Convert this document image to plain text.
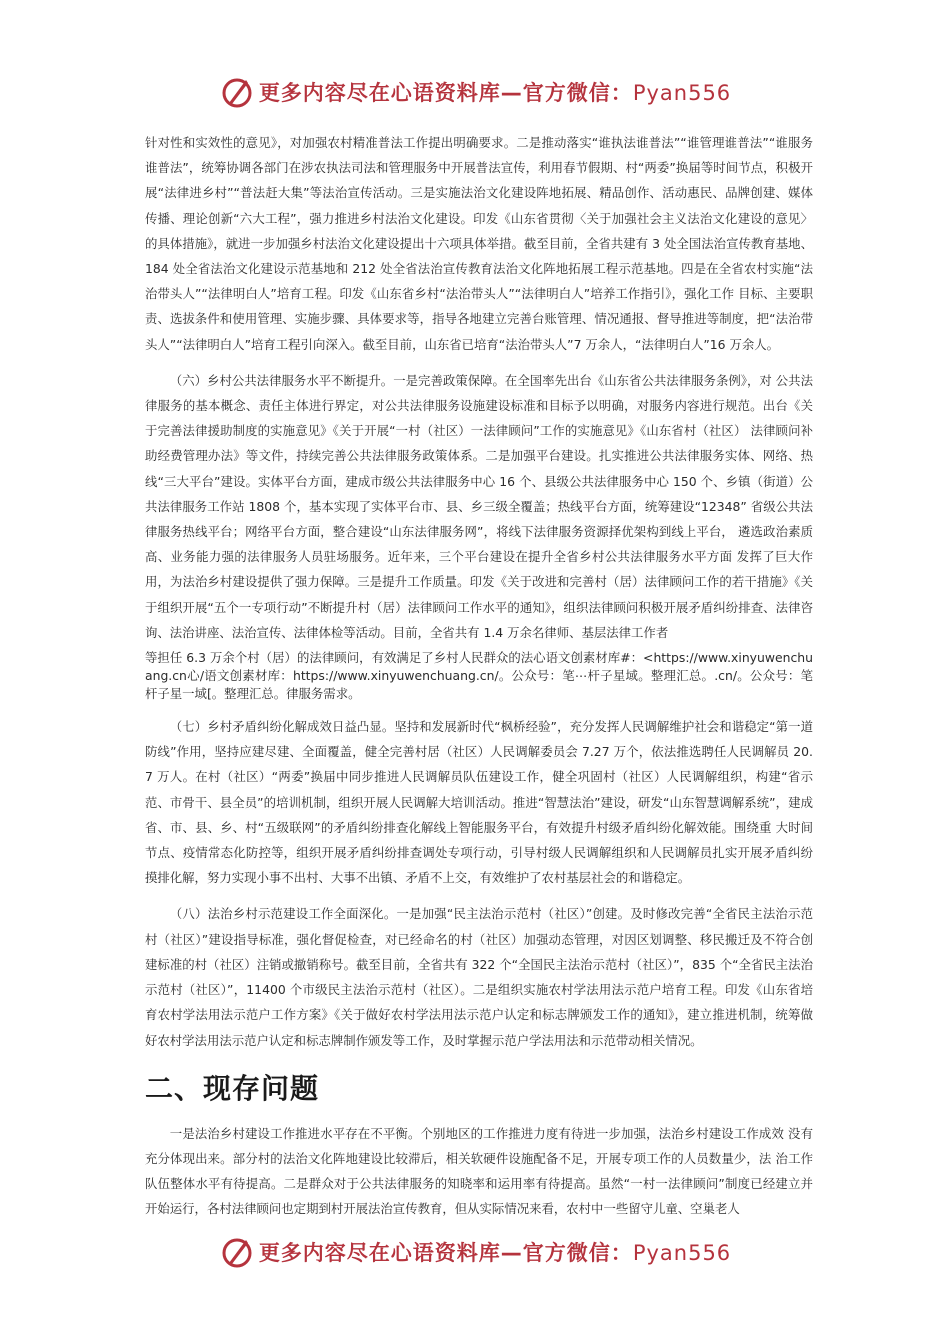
更多内容尽在心语资料库—官方微信：Pyan556

针对性和实效性的意见》，对加强农村精准普法工作提出明确要求。二是推动落实“谁执法谁普法”“谁管理谁普法”“谁服务谁普法”，统筹协调各部门在涉农执法司法和管理服务中开展普法宣传，利用春节假期、村“两委”换届等时间节点，积极开展“法律进乡村”“普法赶大集”等法治宣传活动。三是实施法治文化建设阵地拓展、精品创作、活动惠民、品牌创建、媒体传播、理论创新“六大工程”，强力推进乡村法治文化建设。印发《山东省贯彻〈关于加强社会主义法治文化建设的意见〉的具体措施》，就进一步加强乡村法治文化建设提出十六项具体举措。截至目前，全省共建有 3 处全国法治宣传教育基地、184 处全省法治文化建设示范基地和 212 处全省法治宣传教育法治文化阵地拓展工程示范基地。四是在全省农村实施“法治带头人”“法律明白人”培育工程。印发《山东省乡村“法治带头人”“法律明白人”培养工作指引》，强化工作 目标、主要职责、选拔条件和使用管理、实施步骤、具体要求等，指导各地建立完善台账管理、情况通报、督导推进等制度，把“法治带头人”“法律明白人”培育工程引向深入。截至目前，山东省已培育“法治带头人”7 万余人，“法律明白人”16 万余人。

（六）乡村公共法律服务水平不断提升。一是完善政策保障。在全国率先出台《山东省公共法律服务条例》，对 公共法律服务的基本概念、责任主体进行界定，对公共法律服务设施建设标准和目标予以明确，对服务内容进行规范。出台《关于完善法律援助制度的实施意见》《关于开展“一村（社区）一法律顾问”工作的实施意见》《山东省村（社区） 法律顾问补助经费管理办法》等文件，持续完善公共法律服务政策体系。二是加强平台建设。扎实推进公共法律服务实体、网络、热线“三大平台”建设。实体平台方面，建成市级公共法律服务中心 16 个、县级公共法律服务中心 150 个、乡镇（街道）公共法律服务工作站 1808 个，基本实现了实体平台市、县、乡三级全覆盖；热线平台方面，统筹建设“12348” 省级公共法律服务热线平台；网络平台方面，整合建设“山东法律服务网”，将线下法律服务资源择优架构到线上平台， 遴选政治素质高、业务能力强的法律服务人员驻场服务。近年来，三个平台建设在提升全省乡村公共法律服务水平方面 发挥了巨大作用，为法治乡村建设提供了强力保障。三是提升工作质量。印发《关于改进和完善村（居）法律顾问工作的若干措施》《关于组织开展“五个一专项行动”不断提升村（居）法律顾问工作水平的通知》，组织法律顾问积极开展矛盾纠纷排查、法律咨询、法治讲座、法治宣传、法律体检等活动。目前，全省共有 1.4 万余名律师、基层法律工作者

等担任 6.3 万余个村（居）的法律顾问，有效满足了乡村人民群众的法心语文创素材库#：<https://www.xinyuwenchuang.cn心/语文创素材库：https://www.xinyuwenchuang.cn/。公众号：笔⋯杆子星域。整理汇总。.cn/。公众号：笔杆子星一域[。整理汇总。律服务需求。

（七）乡村矛盾纠纷化解成效日益凸显。坚持和发展新时代“枫桥经验”，充分发挥人民调解维护社会和谐稳定“第一道防线”作用，坚持应建尽建、全面覆盖，健全完善村居（社区）人民调解委员会 7.27 万个，依法推选聘任人民调解员 20.7 万人。在村（社区）“两委”换届中同步推进人民调解员队伍建设工作，健全巩固村（社区）人民调解组织，构建“省示范、市骨干、县全员”的培训机制，组织开展人民调解大培训活动。推进“智慧法治”建设，研发“山东智慧调解系统”，建成省、市、县、乡、村“五级联网”的矛盾纠纷排查化解线上智能服务平台，有效提升村级矛盾纠纷化解效能。围绕重 大时间节点、疫情常态化防控等，组织开展矛盾纠纷排查调处专项行动，引导村级人民调解组织和人民调解员扎实开展矛盾纠纷摸排化解，努力实现小事不出村、大事不出镇、矛盾不上交，有效维护了农村基层社会的和谐稳定。

（八）法治乡村示范建设工作全面深化。一是加强“民主法治示范村（社区）”创建。及时修改完善“全省民主法治示范村（社区）”建设指导标准，强化督促检查，对已经命名的村（社区）加强动态管理，对因区划调整、移民搬迁及不符合创建标准的村（社区）注销或撤销称号。截至目前，全省共有 322 个“全国民主法治示范村（社区）”，835 个“全省民主法治示范村（社区）”，11400 个市级民主法治示范村（社区）。二是组织实施农村学法用法示范户培育工程。印发《山东省培育农村学法用法示范户工作方案》《关于做好农村学法用法示范户认定和标志牌颁发工作的通知》，建立推进机制，统筹做好农村学法用法示范户认定和标志牌制作颁发等工作，及时掌握示范户学法用法和示范带动相关情况。

二、现存问题

一是法治乡村建设工作推进水平存在不平衡。个别地区的工作推进力度有待进一步加强，法治乡村建设工作成效 没有充分体现出来。部分村的法治文化阵地建设比较滞后，相关软硬件设施配备不足，开展专项工作的人员数量少，法 治工作队伍整体水平有待提高。二是群众对于公共法律服务的知晓率和运用率有待提高。虽然“一村一法律顾问”制度已经建立并开始运行，各村法律顾问也定期到村开展法治宣传教育，但从实际情况来看，农村中一些留守儿童、空巢老人

更多内容尽在心语资料库—官方微信：Pyan556
